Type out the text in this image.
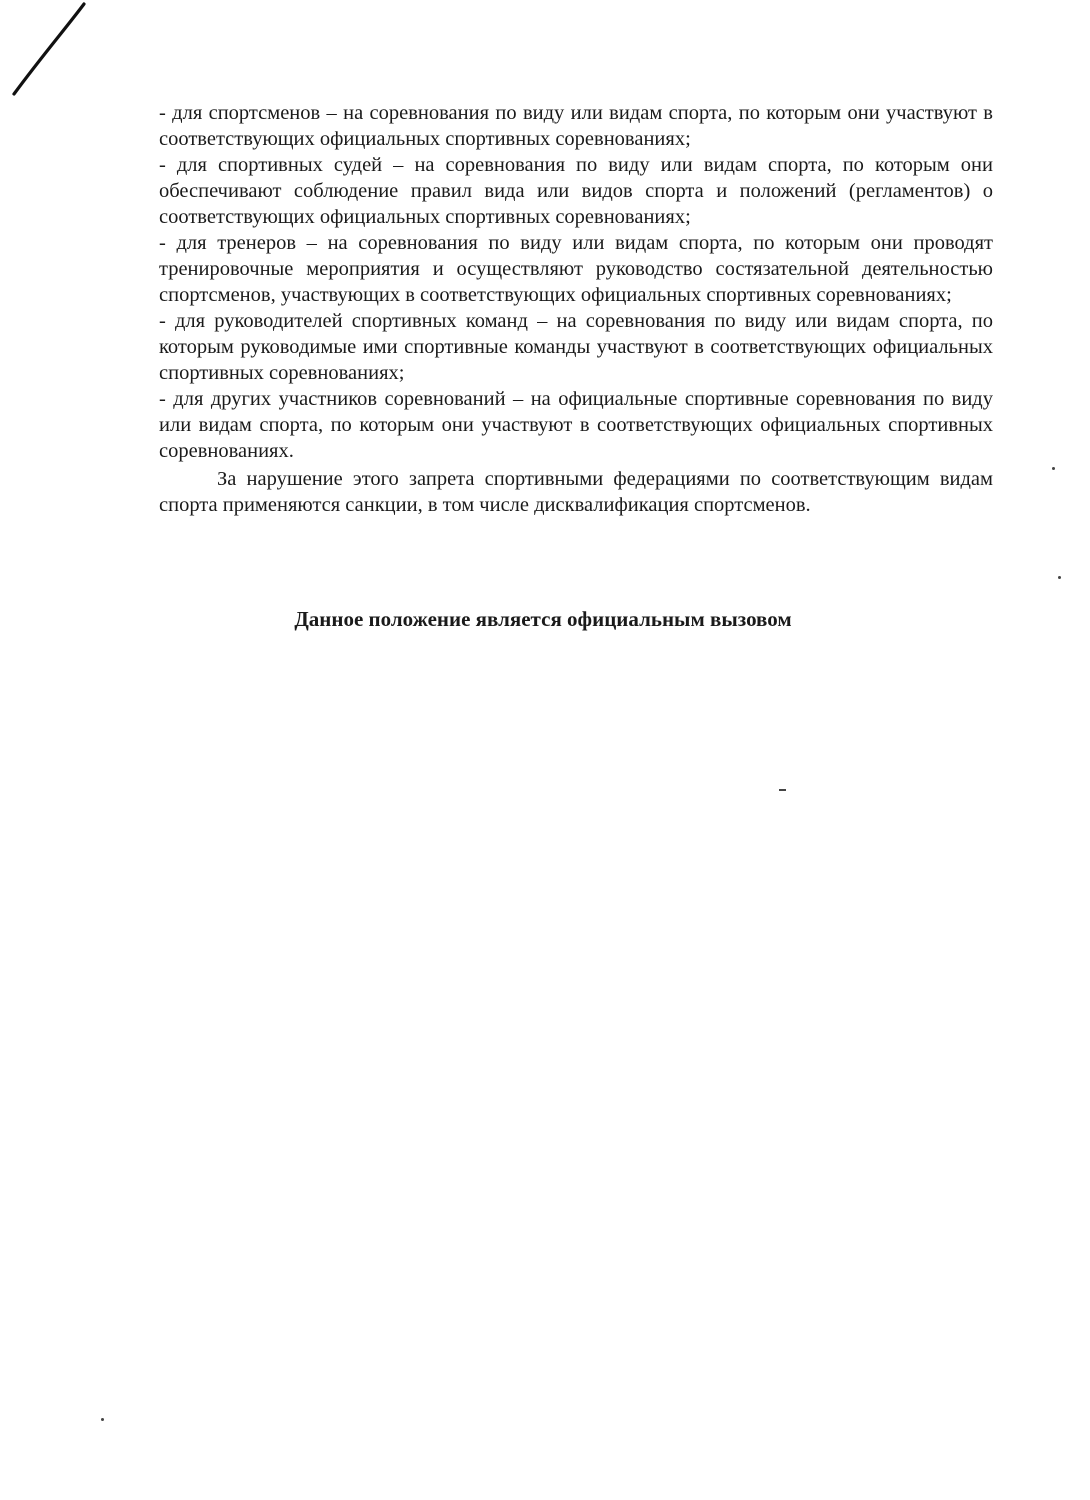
- для спортсменов – на соревнования по виду или видам спорта, по которым они участвуют в соответствующих официальных спортивных соревнованиях;

- для спортивных судей – на соревнования по виду или видам спорта, по которым они обеспечивают соблюдение правил вида или видов спорта и положений (регламентов) о соответствующих официальных спортивных соревнованиях;

- для тренеров – на соревнования по виду или видам спорта, по которым они проводят тренировочные мероприятия и осуществляют руководство состязательной деятельностью спортсменов, участвующих в соответствующих официальных спортивных соревнованиях;

- для руководителей спортивных команд – на соревнования по виду или видам спорта, по которым руководимые ими спортивные команды участвуют в соответствующих официальных спортивных соревнованиях;

- для других участников соревнований – на официальные спортивные соревнования по виду или видам спорта, по которым они участвуют в соответствующих официальных спортивных соревнованиях.

За нарушение этого запрета спортивными федерациями по соответствующим видам спорта применяются санкции, в том числе дисквалификация спортсменов.

Данное положение является официальным вызовом
